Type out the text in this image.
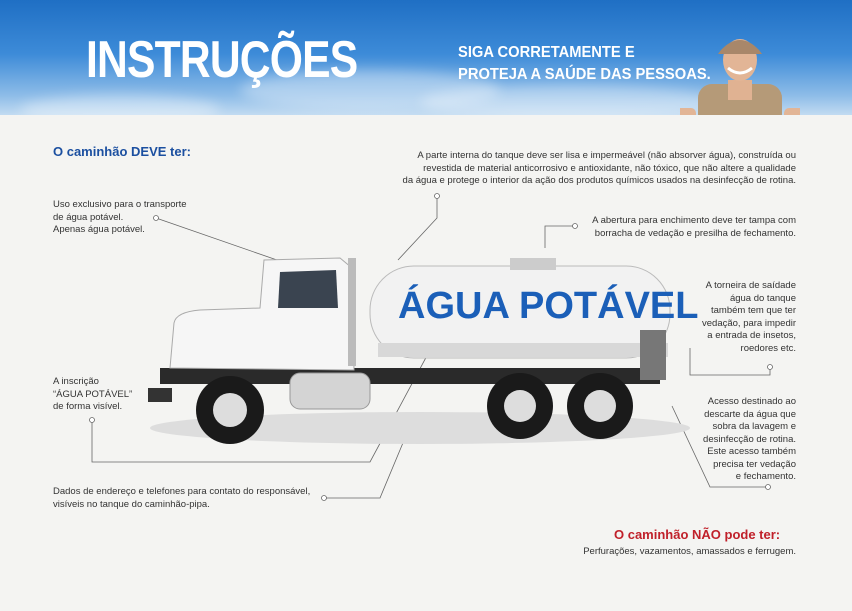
INSTRUÇÕES	SIGA CORRETAMENTE E
PROTEJA A SAÚDE DAS PESSOAS.
O caminhão DEVE ter:
ÁGUA POTÁVEL
Uso exclusivo para o transporte
de água potável.
Apenas água potável.
A parte interna do tanque deve ser lisa e impermeável (não absorver água), construída ou
revestida de material anticorrosivo e antioxidante, não tóxico, que não altere a qualidade
da água e protege o interior da ação dos produtos químicos usados na desinfecção de rotina.
A abertura para enchimento deve ter tampa com
borracha de vedação e presilha de fechamento.
A torneira de saídade
água do tanque
também tem que ter
vedação, para impedir
a entrada de insetos,
roedores etc.
A inscrição
“ÁGUA POTÁVEL”
de forma visível.	Acesso destinado ao
descarte da água que
sobra da lavagem e
desinfecção de rotina.
Este acesso também
precisa ter vedação
e fechamento.
Dados de endereço e telefones para contato do responsável,
visíveis no tanque do caminhão-pipa.
O caminhão NÃO pode ter:
Perfurações, vazamentos, amassados e ferrugem.
